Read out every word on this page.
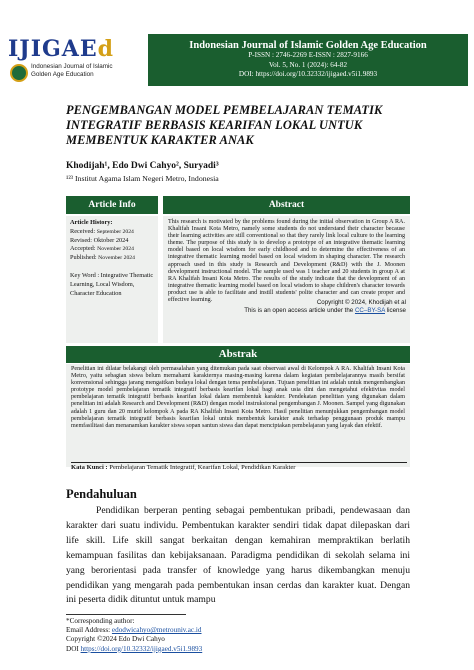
IJIGAEd
Indonesian Journal of Islamic
Golden Age Education
Indonesian Journal of Islamic Golden Age Education
P-ISSN : 2746-2269 E-ISSN : 2827-9166
Vol. 5, No. 1 (2024): 64-82
DOI: https://doi.org/10.32332/ijigaed.v5i1.9893
PENGEMBANGAN MODEL PEMBELAJARAN TEMATIK INTEGRATIF BERBASIS KEARIFAN LOKAL UNTUK MEMBENTUK KARAKTER ANAK
Khodijah¹, Edo Dwi Cahyo², Suryadi³
¹²³ Institut Agama Islam Negeri Metro, Indonesia
Article Info
Article History:
Received: September 2024
Revised: Oktober 2024
Accepted: November 2024
Published: November 2024
Key Word : Integrative Thematic Learning, Local Wisdom, Character Education
Abstract
This research is motivated by the problems found during the initial observation in Group A RA. Khalifah Insani Kota Metro, namely some students do not understand their character because their learning activities are still conventional so that they rarely link local culture to the learning theme. The purpose of this study is to develop a prototype of an integrative thematic learning model based on local wisdom for early childhood and to determine the effectiveness of an integrative thematic learning model based on local wisdom in shaping character. The research approach used in this study is Research and Development (R&D) with the J. Moonen development instructional model. The sample used was 1 teacher and 20 students in group A at RA Khalifah Insani Kota Metro. The results of the study indicate that the development of an integrative thematic learning model based on local wisdom to shape children's character towards product use is able to facilitate and instill students' polite character and can create proper and effective learning.	Copyright © 2024, Khodijah et al
This is an open access article under the CC–BY-SA license
Abstrak
Penelitian ini dilatar belakangi oleh permasalahan yang ditemukan pada saat observasi awal di Kelompok A RA. Khalifah Insani Kota Metro, yaitu sebagian siswa belum memahami karakternya masing-masing karena dalam kegiatan pembelajarannya masih bersifat konvensional sehingga jarang mengaitkan budaya lokal dengan tema pembelajaran. Tujuan penelitian ini adalah untuk mengembangkan prototype model pembelajaran tematik integratif berbasis kearifan lokal bagi anak usia dini dan mengetahui efektivitas model pembelajaran tematik integratif berbasis kearifan lokal dalam membentuk karakter. Pendekatan penelitian yang digunakan dalam penelitian ini adalah Research and Development (R&D) dengan model instruksional pengembangan J. Moonen. Sampel yang digunakan adalah 1 guru dan 20 murid kelompok A pada RA Khalifah Insani Kota Metro. Hasil penelitian menunjukkan pengembangan model pembelajaran tematik integratif berbasis kearifan lokal untuk membentuk karakter anak terhadap penggunaan produk mampu memfasilitasi dan menanamkan karakter siswa sopan santun siswa dan dapat menciptakan pembelajaran yang layak dan efektif.
Kata Kunci : Pembelajaran Tematik Integratif, Kearifan Lokal, Pendidikan Karakter
Pendahuluan
Pendidikan berperan penting sebagai pembentukan pribadi, pendewasaan dan karakter dari suatu individu. Pembentukan karakter sendiri tidak dapat dilepaskan dari life skill. Life skill sangat berkaitan dengan kemahiran mempraktikan berlatih kemampuan fasilitas dan kebijaksanaan. Paradigma pendidikan di sekolah selama ini yang berorientasi pada transfer of knowledge yang harus dikembangkan menuju pendidikan yang mengarah pada pembentukan insan cerdas dan karakter kuat. Dengan ini peserta didik dituntut untuk mampu
*Corresponding author:
Email Address: edodwicahyo@metrouniv.ac.id
Copyright ©2024 Edo Dwi Cahyo
DOI https://doi.org/10.32332/ijigaed.v5i1.9893
